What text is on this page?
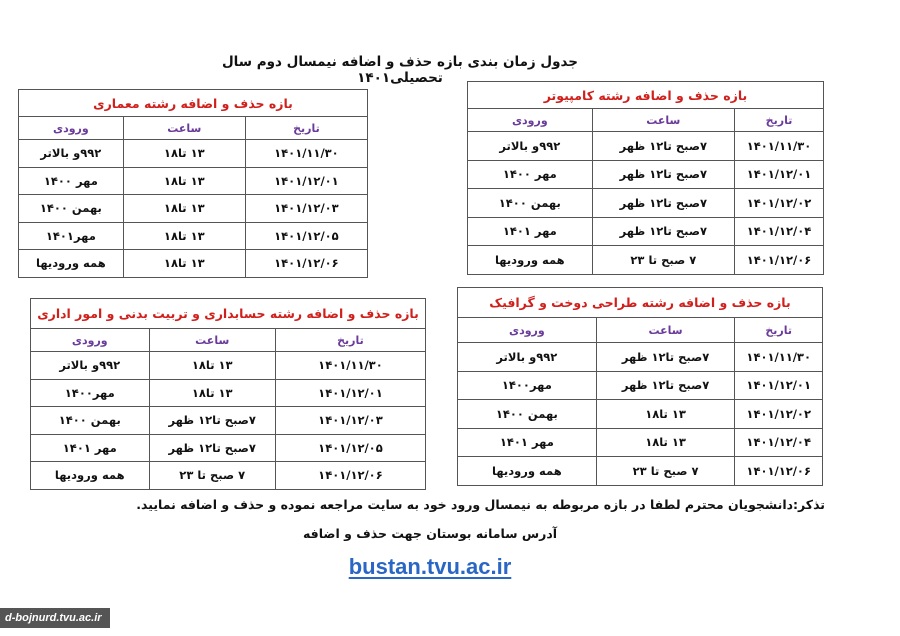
جدول زمان بندی بازه حذف و اضافه نیمسال دوم سال تحصیلی۱۴۰۱
بازه حذف و اضافه رشته معماری		
تاریخ	ساعت	ورودی
۱۴۰۱/۱۱/۳۰	۱۳ تا۱۸	۹۹۲و بالاتر
۱۴۰۱/۱۲/۰۱	۱۳ تا۱۸	مهر ۱۴۰۰
۱۴۰۱/۱۲/۰۳	۱۳ تا۱۸	بهمن ۱۴۰۰
۱۴۰۱/۱۲/۰۵	۱۳ تا۱۸	مهر۱۴۰۱
۱۴۰۱/۱۲/۰۶	۱۳ تا۱۸	همه ورودیها
بازه حذف و اضافه رشته کامپیوتر		
تاریخ	ساعت	ورودی
۱۴۰۱/۱۱/۳۰	۷صبح تا۱۲ ظهر	۹۹۲و بالاتر
۱۴۰۱/۱۲/۰۱	۷صبح تا۱۲ ظهر	مهر ۱۴۰۰
۱۴۰۱/۱۲/۰۲	۷صبح تا۱۲ ظهر	بهمن ۱۴۰۰
۱۴۰۱/۱۲/۰۴	۷صبح تا۱۲ ظهر	مهر ۱۴۰۱
۱۴۰۱/۱۲/۰۶	۷ صبح تا ۲۳	همه ورودیها
بازه حذف و اضافه رشته حسابداری و تربیت بدنی و امور اداری		
تاریخ	ساعت	ورودی
۱۴۰۱/۱۱/۳۰	۱۳ تا۱۸	۹۹۲و بالاتر
۱۴۰۱/۱۲/۰۱	۱۳ تا۱۸	مهر۱۴۰۰
۱۴۰۱/۱۲/۰۳	۷صبح تا۱۲ ظهر	بهمن ۱۴۰۰
۱۴۰۱/۱۲/۰۵	۷صبح تا۱۲ ظهر	مهر ۱۴۰۱
۱۴۰۱/۱۲/۰۶	۷ صبح تا ۲۳	همه ورودیها
بازه حذف و اضافه رشته طراحی دوخت و گرافیک		
تاریخ	ساعت	ورودی
۱۴۰۱/۱۱/۳۰	۷صبح تا۱۲ ظهر	۹۹۲و بالاتر
۱۴۰۱/۱۲/۰۱	۷صبح تا۱۲ ظهر	مهر۱۴۰۰
۱۴۰۱/۱۲/۰۲	۱۳ تا۱۸	بهمن ۱۴۰۰
۱۴۰۱/۱۲/۰۴	۱۳ تا۱۸	مهر ۱۴۰۱
۱۴۰۱/۱۲/۰۶	۷ صبح تا ۲۳	همه ورودیها
تذکر:دانشجویان محترم لطفا در بازه مربوطه به نیمسال ورود خود به سایت مراجعه نموده و حذف و اضافه نمایید.
آدرس سامانه بوستان جهت حذف و اضافه
bustan.tvu.ac.ir
d-bojnurd.tvu.ac.ir
